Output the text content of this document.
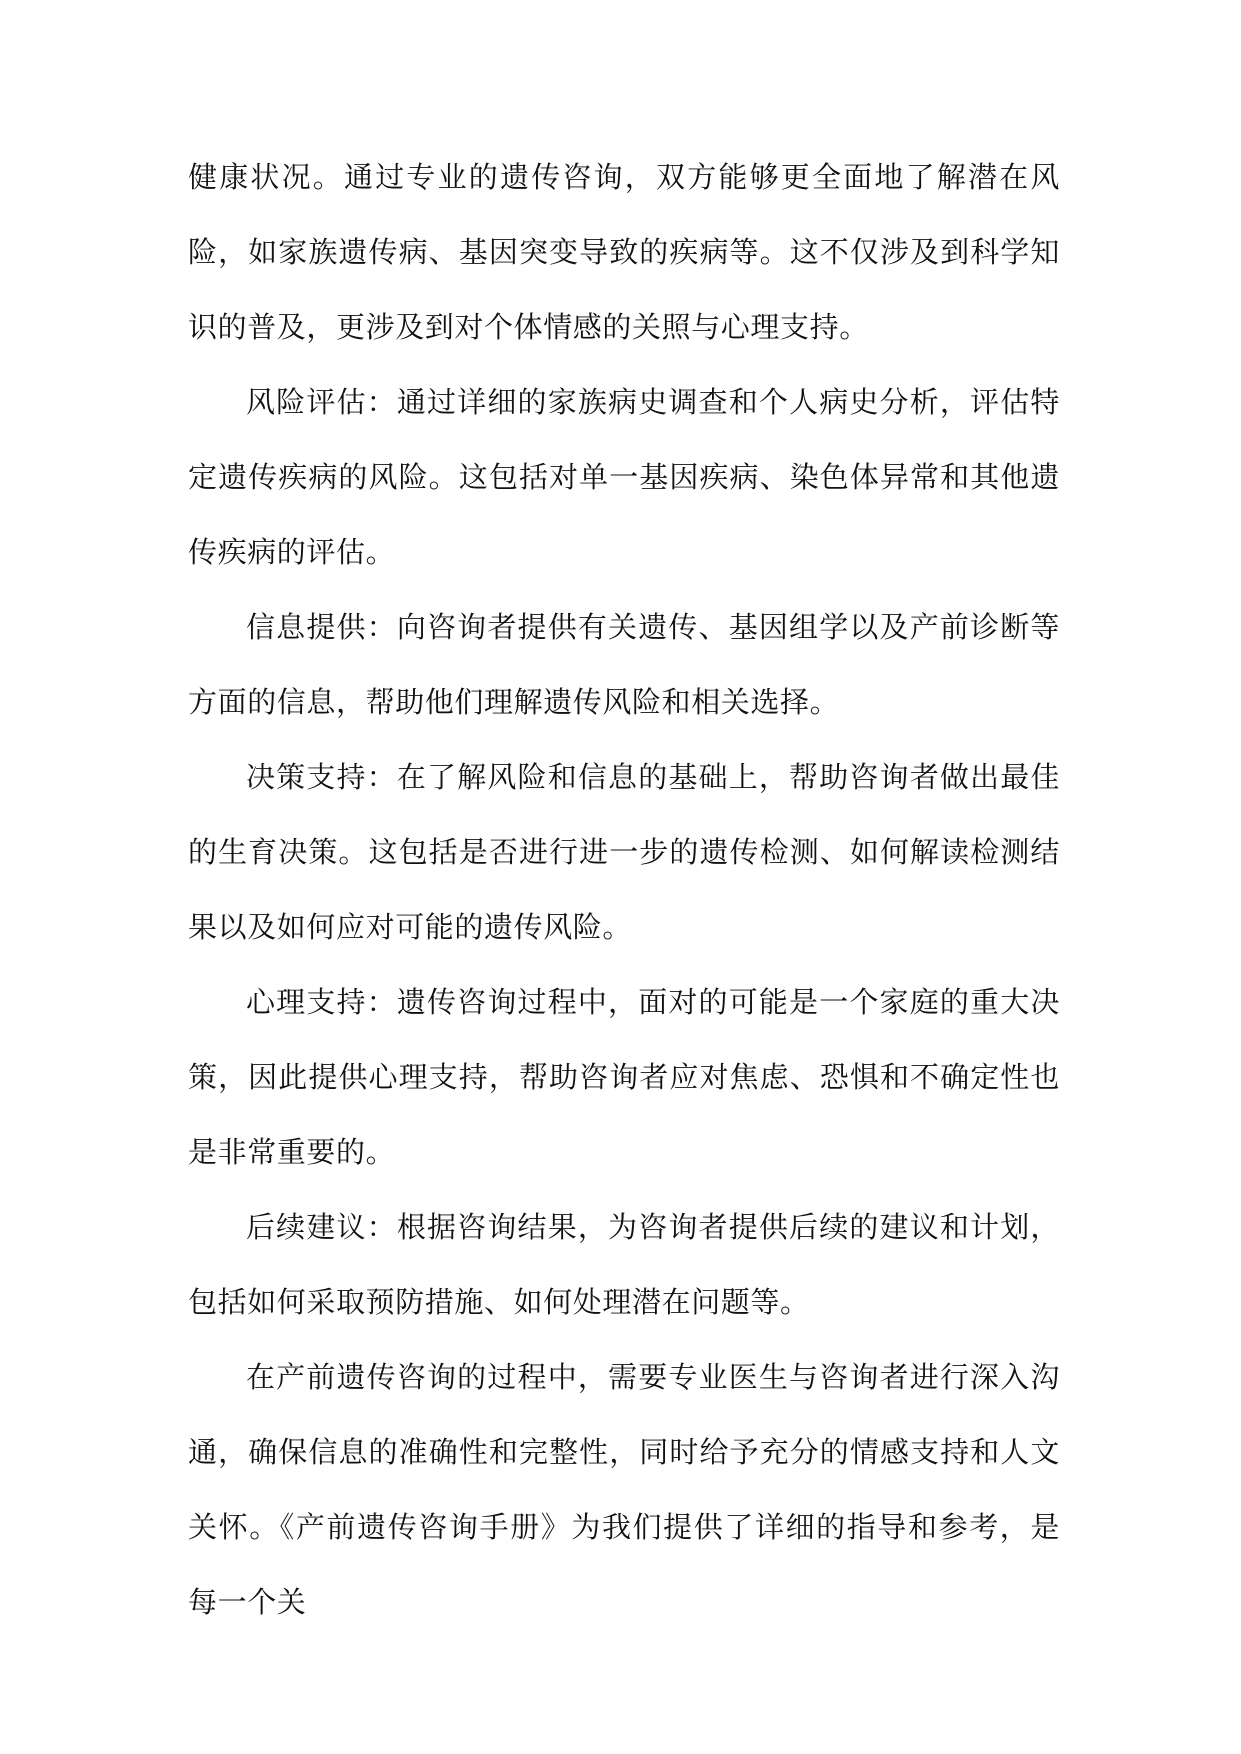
健康状况。通过专业的遗传咨询，双方能够更全面地了解潜在风险，如家族遗传病、基因突变导致的疾病等。这不仅涉及到科学知识的普及，更涉及到对个体情感的关照与心理支持。

风险评估：通过详细的家族病史调查和个人病史分析，评估特定遗传疾病的风险。这包括对单一基因疾病、染色体异常和其他遗传疾病的评估。

信息提供：向咨询者提供有关遗传、基因组学以及产前诊断等方面的信息，帮助他们理解遗传风险和相关选择。

决策支持：在了解风险和信息的基础上，帮助咨询者做出最佳的生育决策。这包括是否进行进一步的遗传检测、如何解读检测结果以及如何应对可能的遗传风险。

心理支持：遗传咨询过程中，面对的可能是一个家庭的重大决策，因此提供心理支持，帮助咨询者应对焦虑、恐惧和不确定性也是非常重要的。

后续建议：根据咨询结果，为咨询者提供后续的建议和计划，包括如何采取预防措施、如何处理潜在问题等。

在产前遗传咨询的过程中，需要专业医生与咨询者进行深入沟通，确保信息的准确性和完整性，同时给予充分的情感支持和人文关怀。《产前遗传咨询手册》为我们提供了详细的指导和参考，是每一个关
